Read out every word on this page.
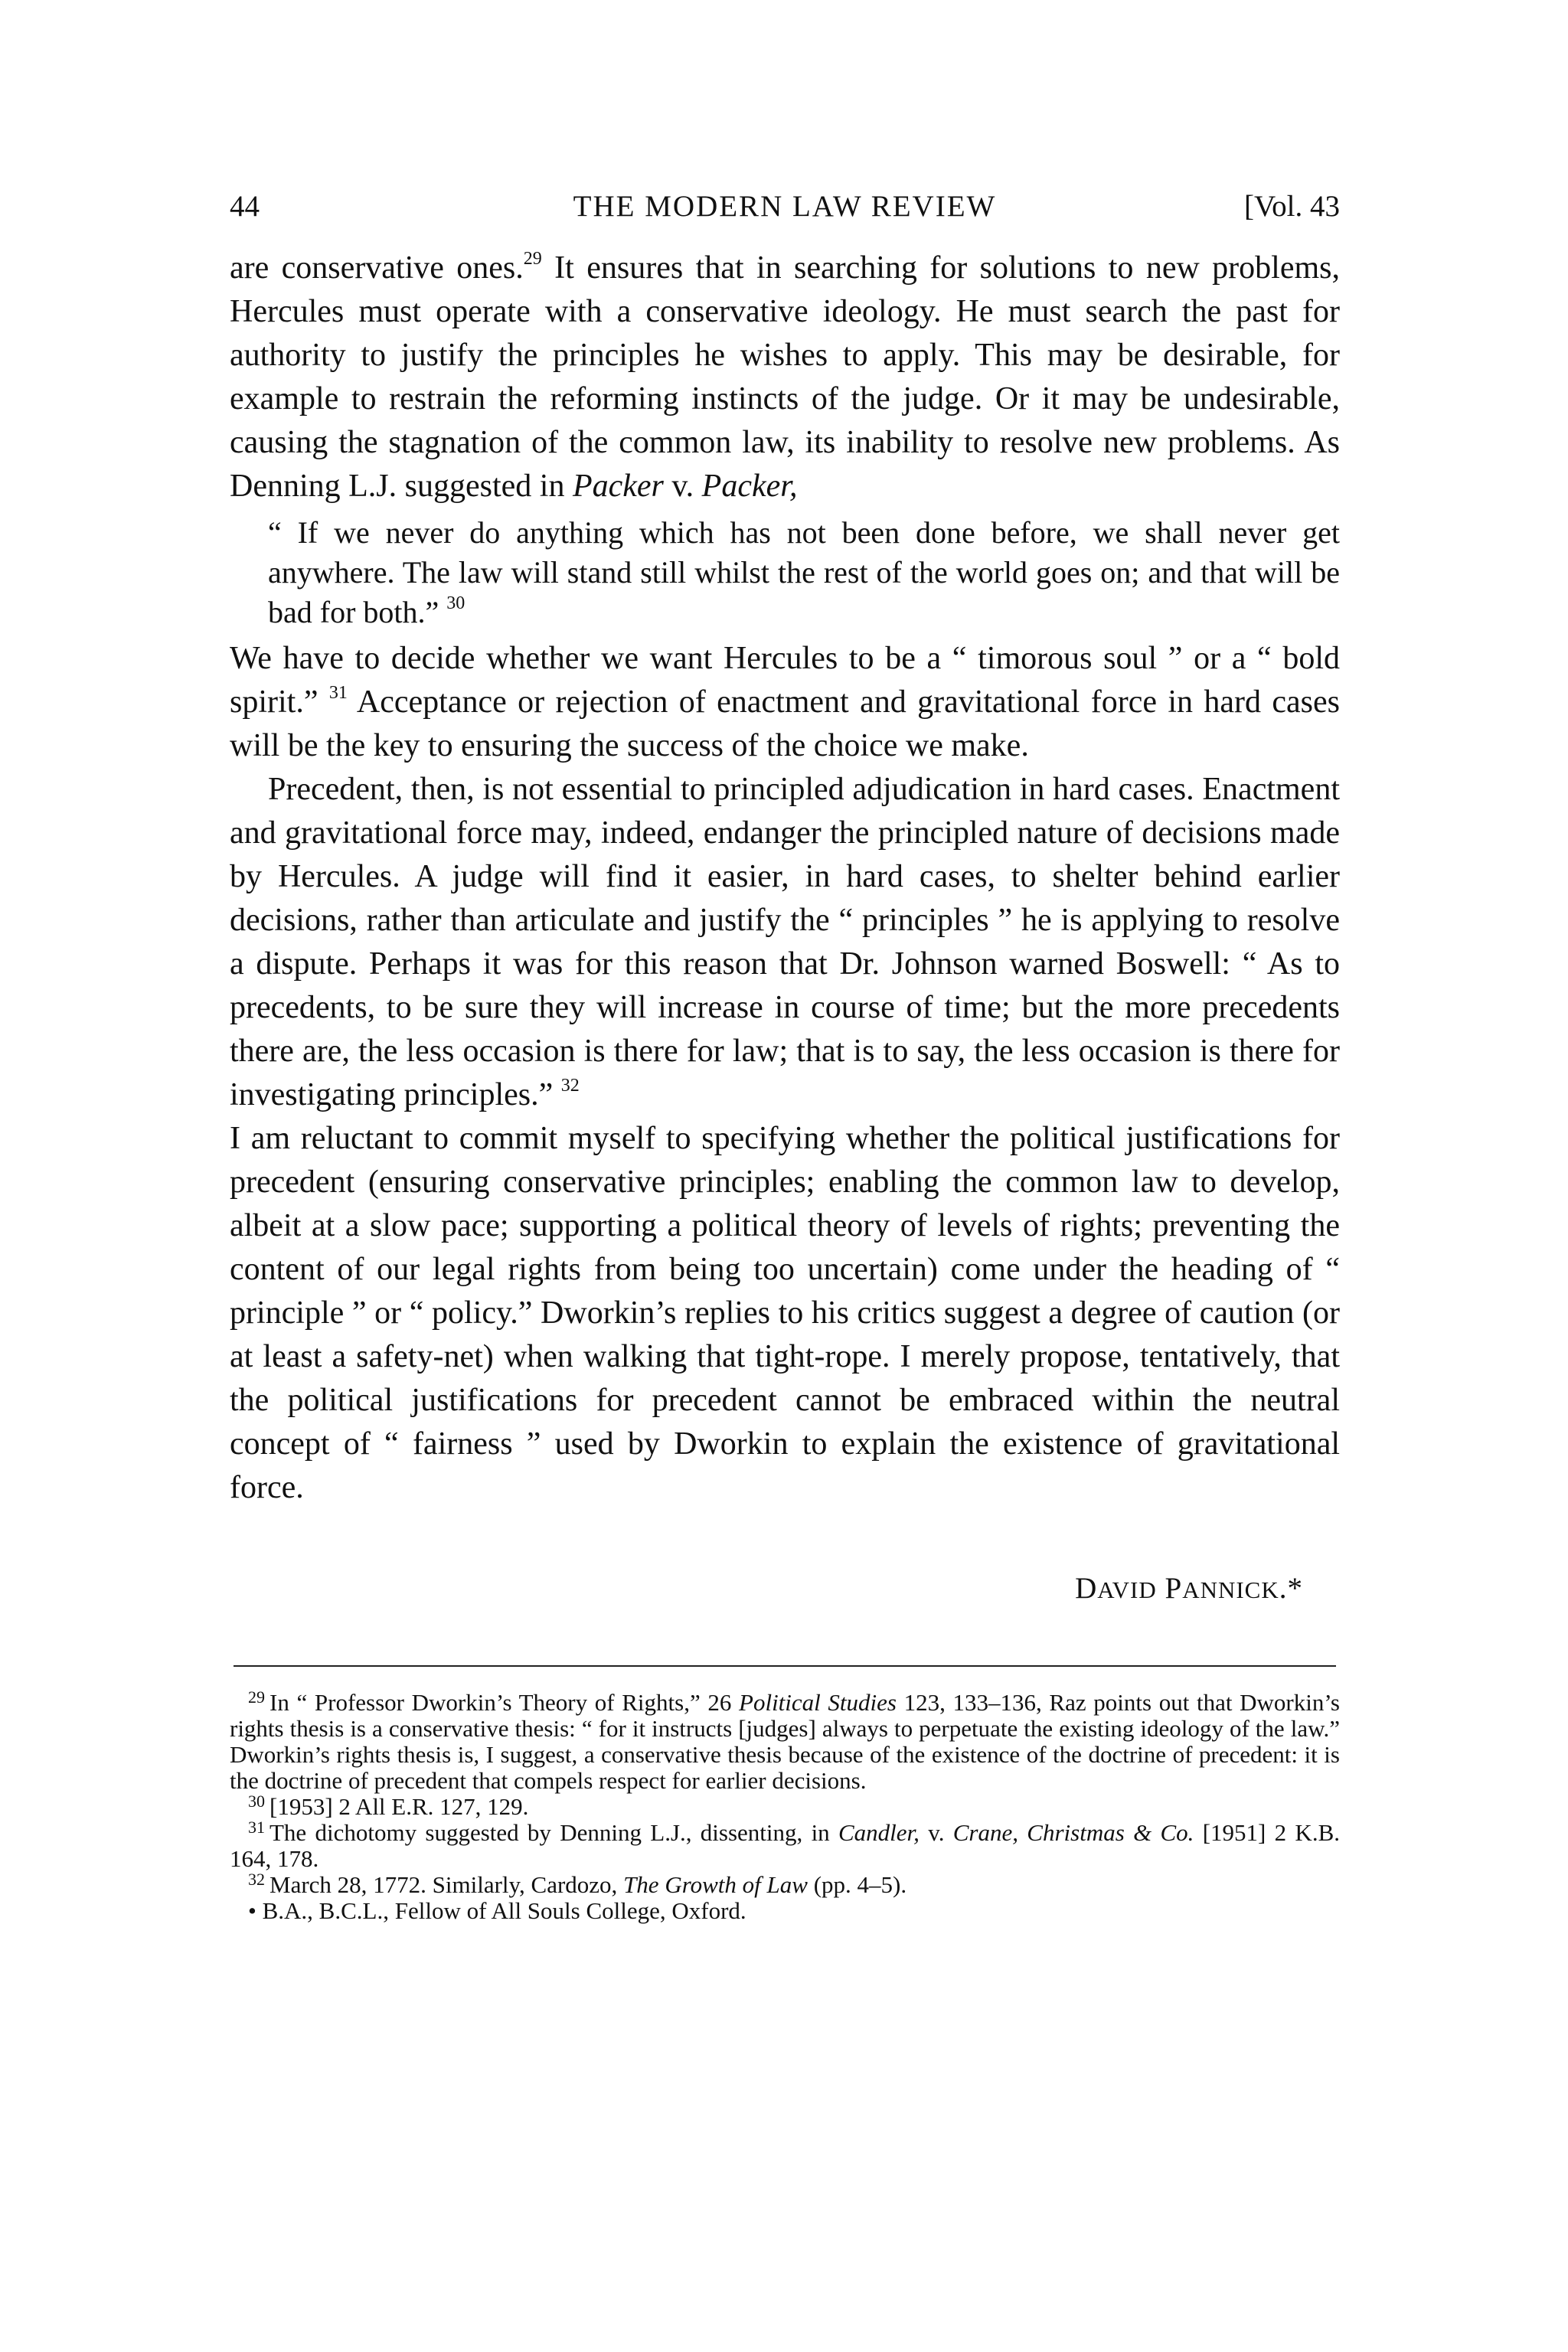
44	THE MODERN LAW REVIEW	[Vol. 43

are conservative ones.$^{29}$ It ensures that in searching for solutions to new problems, Hercules must operate with a conservative ideology. He must search the past for authority to justify the principles he wishes to apply. This may be desirable, for example to restrain the reforming instincts of the judge. Or it may be undesirable, causing the stagnation of the common law, its inability to resolve new problems. As Denning L.J. suggested in Packer v. Packer,

“ If we never do anything which has not been done before, we shall never get anywhere. The law will stand still whilst the rest of the world goes on; and that will be bad for both.” $^{30}$

We have to decide whether we want Hercules to be a “ timorous soul ” or a “ bold spirit.” $^{31}$ Acceptance or rejection of enactment and gravitational force in hard cases will be the key to ensuring the success of the choice we make.

Precedent, then, is not essential to principled adjudication in hard cases. Enactment and gravitational force may, indeed, endanger the principled nature of decisions made by Hercules. A judge will find it easier, in hard cases, to shelter behind earlier decisions, rather than articulate and justify the “ principles ” he is applying to resolve a dispute. Perhaps it was for this reason that Dr. Johnson warned Boswell: “ As to precedents, to be sure they will increase in course of time; but the more precedents there are, the less occasion is there for law; that is to say, the less occasion is there for investigating principles.” $^{32}$

I am reluctant to commit myself to specifying whether the political justifications for precedent (ensuring conservative principles; enabling the common law to develop, albeit at a slow pace; supporting a political theory of levels of rights; preventing the content of our legal rights from being too uncertain) come under the heading of “ principle ” or “ policy.” Dworkin’s replies to his critics suggest a degree of caution (or at least a safety-net) when walking that tight-rope. I merely propose, tentatively, that the political justifications for precedent cannot be embraced within the neutral concept of “ fairness ” used by Dworkin to explain the existence of gravitational force.

DAVID PANNICK.*

$^{29}$ In “ Professor Dworkin’s Theory of Rights,” 26 Political Studies 123, 133–136, Raz points out that Dworkin’s rights thesis is a conservative thesis: “ for it instructs [judges] always to perpetuate the existing ideology of the law.” Dworkin’s rights thesis is, I suggest, a conservative thesis because of the existence of the doctrine of precedent: it is the doctrine of precedent that compels respect for earlier decisions.

$^{30}$ [1953] 2 All E.R. 127, 129.

$^{31}$ The dichotomy suggested by Denning L.J., dissenting, in Candler, v. Crane, Christmas & Co. [1951] 2 K.B. 164, 178.

$^{32}$ March 28, 1772. Similarly, Cardozo, The Growth of Law (pp. 4–5).

• B.A., B.C.L., Fellow of All Souls College, Oxford.
